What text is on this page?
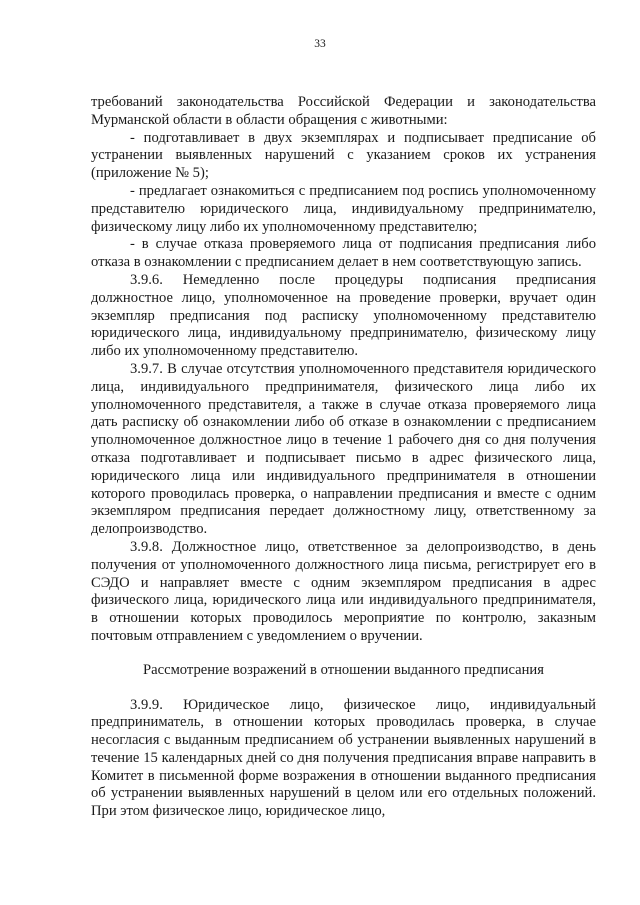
33

требований законодательства Российской Федерации и законодательства Мурманской области в области обращения с животными:

- подготавливает в двух экземплярах и подписывает предписание об устранении выявленных нарушений с указанием сроков их устранения (приложение № 5);

- предлагает ознакомиться с предписанием под роспись уполномоченному представителю юридического лица, индивидуальному предпринимателю, физическому лицу либо их уполномоченному представителю;

- в случае отказа проверяемого лица от подписания предписания либо отказа в ознакомлении с предписанием делает в нем соответствующую запись.

3.9.6. Немедленно после процедуры подписания предписания должностное лицо, уполномоченное на проведение проверки, вручает один экземпляр предписания под расписку уполномоченному представителю юридического лица, индивидуальному предпринимателю, физическому лицу либо их уполномоченному представителю.

3.9.7. В случае отсутствия уполномоченного представителя юридического лица, индивидуального предпринимателя, физического лица либо их уполномоченного представителя, а также в случае отказа проверяемого лица дать расписку об ознакомлении либо об отказе в ознакомлении с предписанием уполномоченное должностное лицо в течение 1 рабочего дня со дня получения отказа подготавливает и подписывает письмо в адрес физического лица, юридического лица или индивидуального предпринимателя в отношении которого проводилась проверка, о направлении предписания и вместе с одним экземпляром предписания передает должностному лицу, ответственному за делопроизводство.

3.9.8. Должностное лицо, ответственное за делопроизводство, в день получения от уполномоченного должностного лица письма, регистрирует его в СЭДО и направляет вместе с одним экземпляром предписания в адрес физического лица, юридического лица или индивидуального предпринимателя, в отношении которых проводилось мероприятие по контролю, заказным почтовым отправлением с уведомлением о вручении.

Рассмотрение возражений в отношении выданного предписания

3.9.9. Юридическое лицо, физическое лицо, индивидуальный предприниматель, в отношении которых проводилась проверка, в случае несогласия с выданным предписанием об устранении выявленных нарушений в течение 15 календарных дней со дня получения предписания вправе направить в Комитет в письменной форме возражения в отношении выданного предписания об устранении выявленных нарушений в целом или его отдельных положений. При этом физическое лицо, юридическое лицо,
